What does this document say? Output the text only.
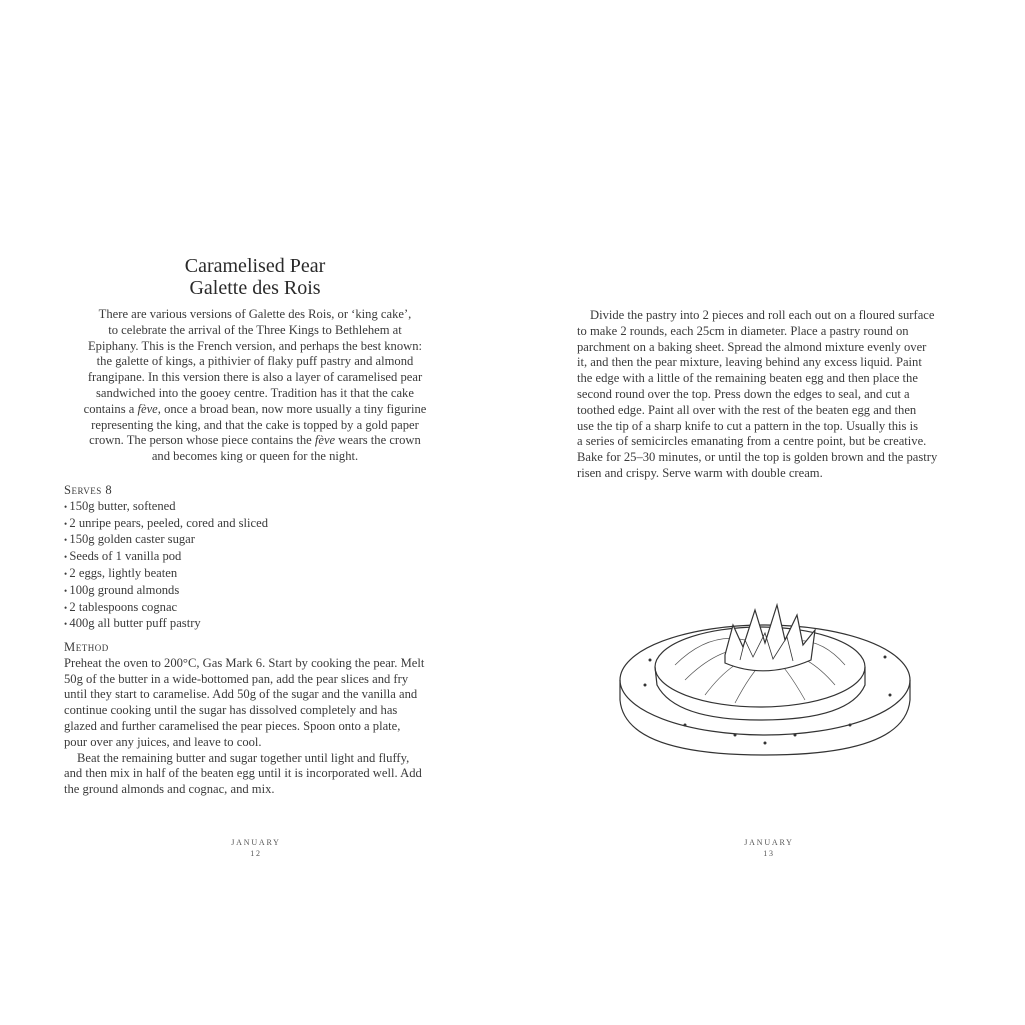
Caramelised Pear
Galette des Rois
There are various versions of Galette des Rois, or ‘king cake’,
to celebrate the arrival of the Three Kings to Bethlehem at
Epiphany. This is the French version, and perhaps the best known:
the galette of kings, a pithivier of flaky puff pastry and almond
frangipane. In this version there is also a layer of caramelised pear
sandwiched into the gooey centre. Tradition has it that the cake
contains a fève, once a broad bean, now more usually a tiny figurine
representing the king, and that the cake is topped by a gold paper
crown. The person whose piece contains the fève wears the crown
and becomes king or queen for the night.
Serves 8
• 150g butter, softened
• 2 unripe pears, peeled, cored and sliced
• 150g golden caster sugar
• Seeds of 1 vanilla pod
• 2 eggs, lightly beaten
• 100g ground almonds
• 2 tablespoons cognac
• 400g all butter puff pastry
Method
Preheat the oven to 200°C, Gas Mark 6. Start by cooking the pear. Melt
50g of the butter in a wide-bottomed pan, add the pear slices and fry
until they start to caramelise. Add 50g of the sugar and the vanilla and
continue cooking until the sugar has dissolved completely and has
glazed and further caramelised the pear pieces. Spoon onto a plate,
pour over any juices, and leave to cool.
Beat the remaining butter and sugar together until light and fluffy,
and then mix in half of the beaten egg until it is incorporated well. Add
the ground almonds and cognac, and mix.
JANUARY
12
Divide the pastry into 2 pieces and roll each out on a floured surface
to make 2 rounds, each 25cm in diameter. Place a pastry round on
parchment on a baking sheet. Spread the almond mixture evenly over
it, and then the pear mixture, leaving behind any excess liquid. Paint
the edge with a little of the remaining beaten egg and then place the
second round over the top. Press down the edges to seal, and cut a
toothed edge. Paint all over with the rest of the beaten egg and then
use the tip of a sharp knife to cut a pattern in the top. Usually this is
a series of semicircles emanating from a centre point, but be creative.
Bake for 25–30 minutes, or until the top is golden brown and the pastry
risen and crispy. Serve warm with double cream.
JANUARY
13
